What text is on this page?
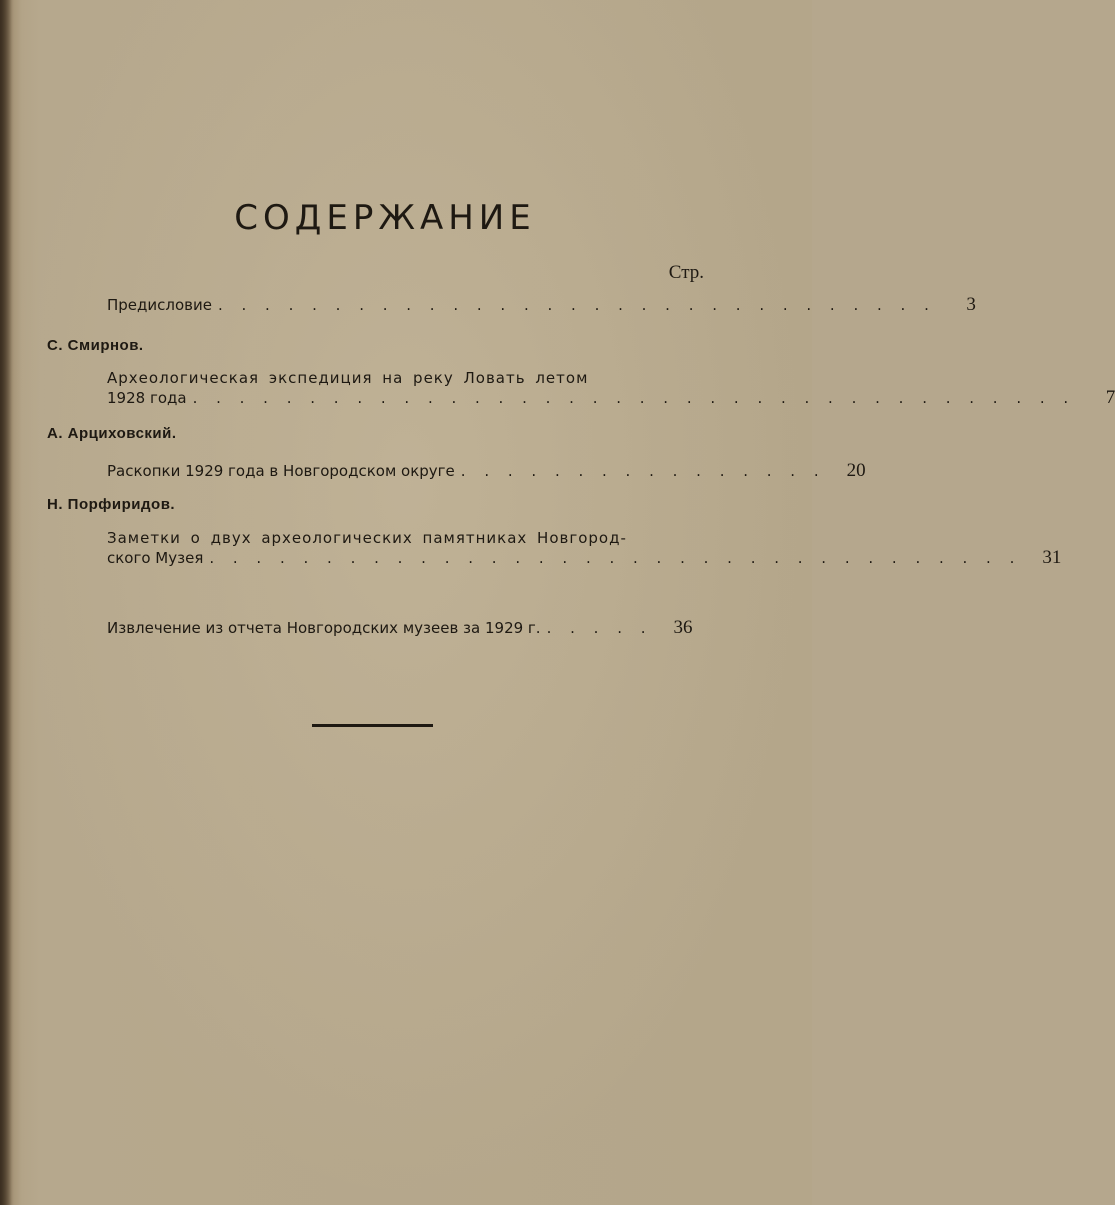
СОДЕРЖАНИЕ
Стр.
Предисловие . . . . . . . . . . . . . . . . . . . . . . . . . . . . . . .	3
С. Смирнов.
Археологическая экспедиция на реку Ловать летом
1928 года . . . . . . . . . . . . . . . . . . . . . . . . . . . . . . . . . . . . . .	7
А. Арциховский.
Раскопки 1929 года в Новгородском округе . . . . . . . . . . . . . . . .	20
Н. Порфиридов.
Заметки о двух археологических памятниках Новгород-
ского Музея . . . . . . . . . . . . . . . . . . . . . . . . . . . . . . . . . . .	31
Извлечение из отчета Новгородских музеев за 1929 г. . . . . .	36
